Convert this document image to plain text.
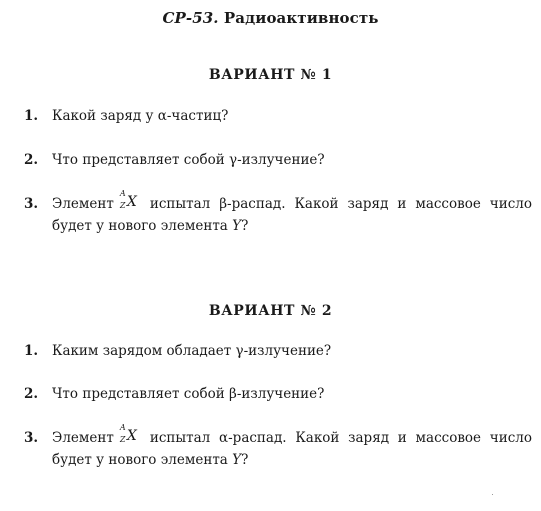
СР-53. Радиоактивность
ВАРИАНТ № 1
1. Какой заряд у α-частиц?
2. Что представляет собой γ-излучение?
3. Элемент
A
Z X испытал β-распад. Какой заряд и массовое число
будет у нового элемента Y?
ВАРИАНТ № 2
1. Каким зарядом обладает γ-излучение?
2. Что представляет собой β-излучение?
3. Элемент
A
Z X испытал α-распад. Какой заряд и массовое число
будет у нового элемента Y?
